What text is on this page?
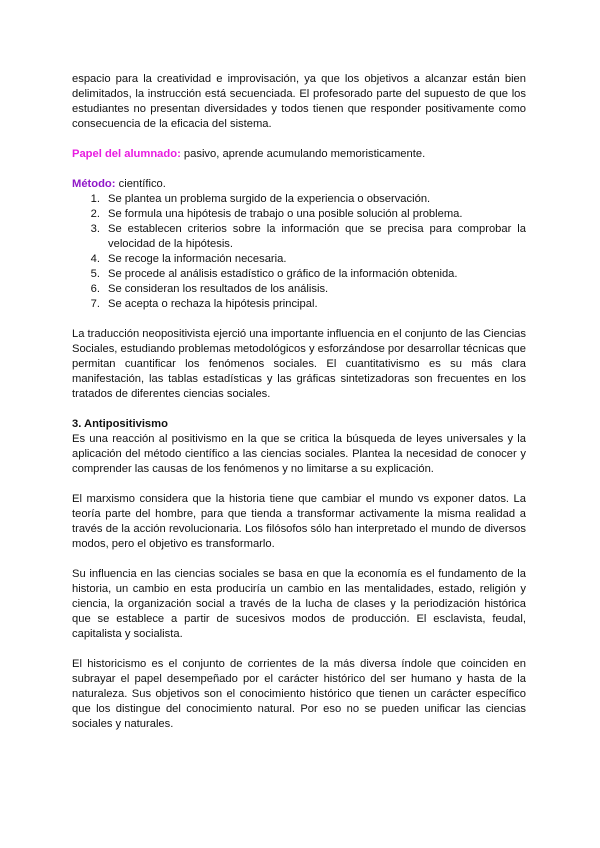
espacio para la creatividad e improvisación, ya que los objetivos a alcanzar están bien delimitados, la instrucción está secuenciada. El profesorado parte del supuesto de que los estudiantes no presentan diversidades y todos tienen que responder positivamente como consecuencia de la eficacia del sistema.

Papel del alumnado: pasivo, aprende acumulando memoristicamente.

Método: científico.

1. Se plantea un problema surgido de la experiencia o observación.
2. Se formula una hipótesis de trabajo o una posible solución al problema.
3. Se establecen criterios sobre la información que se precisa para comprobar la velocidad de la hipótesis.
4. Se recoge la información necesaria.
5. Se procede al análisis estadístico o gráfico de la información obtenida.
6. Se consideran los resultados de los análisis.
7. Se acepta o rechaza la hipótesis principal.

La traducción neopositivista ejerció una importante influencia en el conjunto de las Ciencias Sociales, estudiando problemas metodológicos y esforzándose por desarrollar técnicas que permitan cuantificar los fenómenos sociales. El cuantitativismo es su más clara manifestación, las tablas estadísticas y las gráficas sintetizadoras son frecuentes en los tratados de diferentes ciencias sociales.

3. Antipositivismo

Es una reacción al positivismo en la que se critica la búsqueda de leyes universales y la aplicación del método científico a las ciencias sociales. Plantea la necesidad de conocer y comprender las causas de los fenómenos y no limitarse a su explicación.

El marxismo considera que la historia tiene que cambiar el mundo vs exponer datos. La teoría parte del hombre, para que tienda a transformar activamente la misma realidad a través de la acción revolucionaria. Los filósofos sólo han interpretado el mundo de diversos modos, pero el objetivo es transformarlo.

Su influencia en las ciencias sociales se basa en que la economía es el fundamento de la historia, un cambio en esta produciría un cambio en las mentalidades, estado, religión y ciencia, la organización social a través de la lucha de clases y la periodización histórica que se establece a partir de sucesivos modos de producción. El esclavista, feudal, capitalista y socialista.

El historicismo es el conjunto de corrientes de la más diversa índole que coinciden en subrayar el papel desempeñado por el carácter histórico del ser humano y hasta de la naturaleza. Sus objetivos son el conocimiento histórico que tienen un carácter específico que los distingue del conocimiento natural. Por eso no se pueden unificar las ciencias sociales y naturales.
